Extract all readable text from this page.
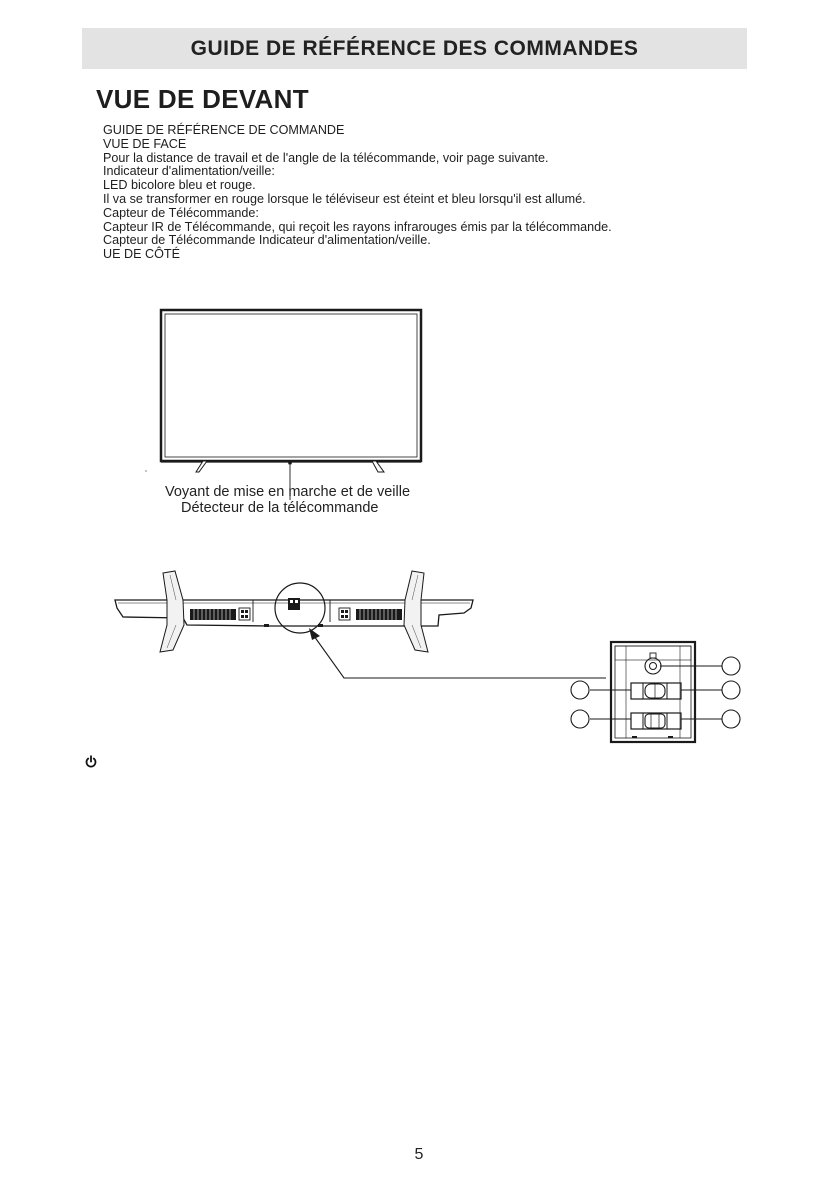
GUIDE DE RÉFÉRENCE DES COMMANDES
VUE DE DEVANT
GUIDE DE RÉFÉRENCE DE COMMANDE
VUE DE FACE
Pour la distance de travail et de l'angle de la télécommande, voir page suivante.
Indicateur d'alimentation/veille:
LED bicolore bleu et rouge.
Il va se transformer en rouge lorsque le téléviseur est éteint et bleu lorsqu'il est allumé.
Capteur de Télécommande:
Capteur IR de Télécommande, qui reçoit les rayons infrarouges émis par la télécommande.
Capteur de Télécommande Indicateur d'alimentation/veille.
UE DE CÔTÉ
Voyant de mise en marche et de veille
Détecteur de la télécommande
5
